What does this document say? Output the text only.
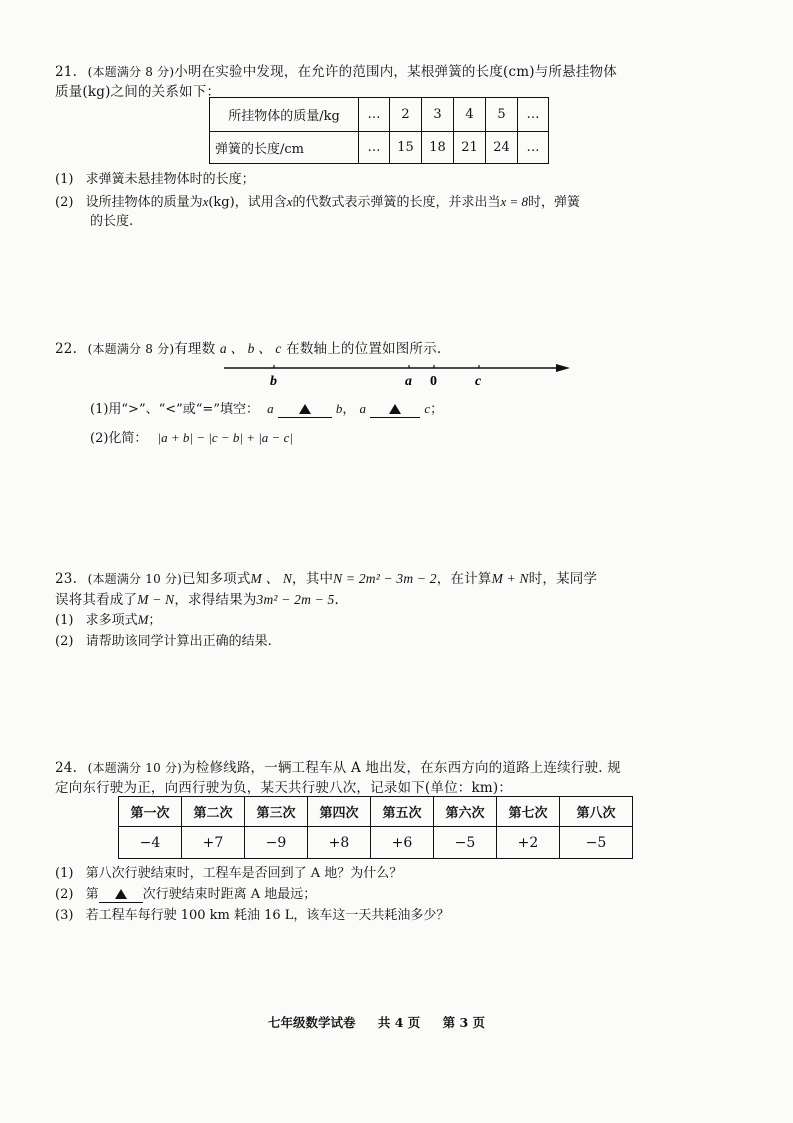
21. (本题满分 8 分)小明在实验中发现，在允许的范围内，某根弹簧的长度(cm)与所悬挂物体
质量(kg)之间的关系如下：
所挂物体的质量/kg	…	2	3	4	5	…
弹簧的长度/cm	…	15	18	21	24	…
(1) 求弹簧未悬挂物体时的长度；
(2) 设所挂物体的质量为x(kg)，试用含x的代数式表示弹簧的长度，并求出当x = 8时，弹簧
的长度.
22. (本题满分 8 分)有理数 a 、 b 、 c 在数轴上的位置如图所示.
b	a 0	c
(1)用“>”、“<”或“=”填空： a	b， a	c；
(2)化简： |a + b| − |c − b| + |a − c|
23. (本题满分 10 分)已知多项式M 、 N，其中N = 2m² − 3m − 2，在计算M + N时，某同学
误将其看成了M − N，求得结果为3m² − 2m − 5.
(1) 求多项式M；
(2) 请帮助该同学计算出正确的结果.
24. (本题满分 10 分)为检修线路，一辆工程车从 A 地出发，在东西方向的道路上连续行驶. 规
定向东行驶为正，向西行驶为负，某天共行驶八次，记录如下(单位：km)：
第一次	第二次	第三次	第四次	第五次	第六次	第七次	第八次
−4	+7	−9	+8	+6	−5	+2	−5
(1) 第八次行驶结束时，工程车是否回到了 A 地？为什么？
(2) 第	次行驶结束时距离 A 地最远；
(3) 若工程车每行驶 100 km 耗油 16 L，该车这一天共耗油多少？
七年级数学试卷 共 4 页 第 3 页
